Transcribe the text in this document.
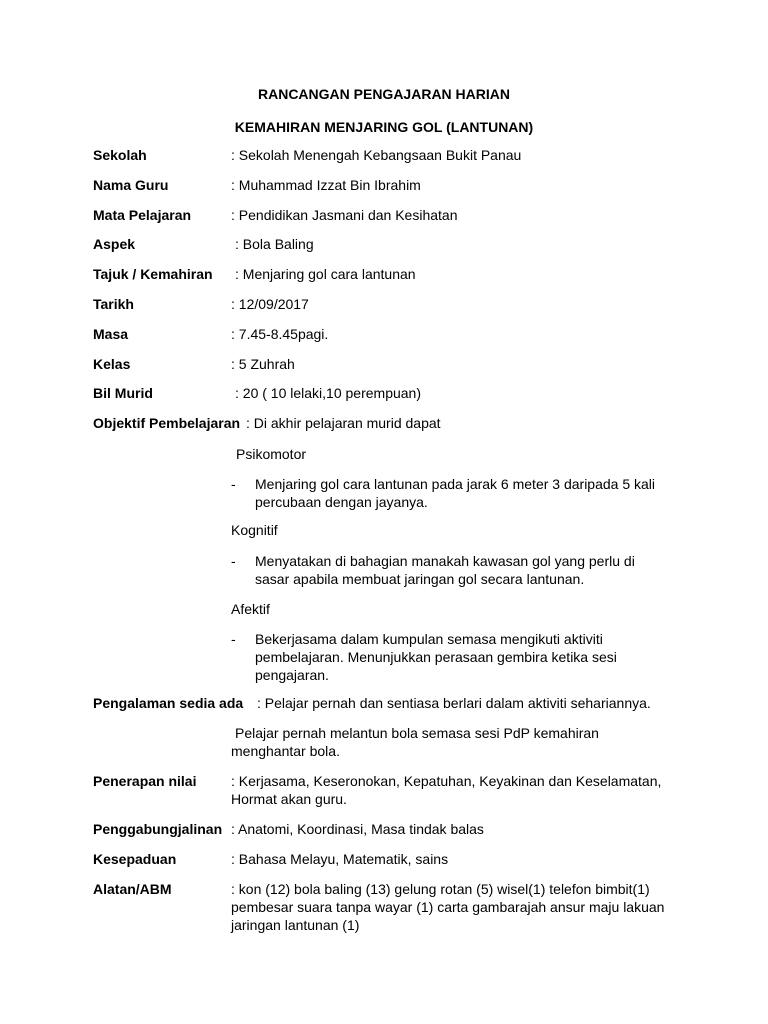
RANCANGAN PENGAJARAN HARIAN
KEMAHIRAN MENJARING GOL (LANTUNAN)
Sekolah	: Sekolah Menengah Kebangsaan Bukit Panau
Nama Guru	: Muhammad Izzat Bin Ibrahim
Mata Pelajaran	: Pendidikan Jasmani dan Kesihatan
Aspek	: Bola Baling
Tajuk / Kemahiran : Menjaring gol cara lantunan
Tarikh	: 12/09/2017
Masa	: 7.45-8.45pagi.
Kelas	: 5 Zuhrah
Bil Murid	: 20 ( 10 lelaki,10 perempuan)
Objektif Pembelajaran : Di akhir pelajaran murid dapat
Psikomotor
- Menjaring gol cara lantunan pada jarak 6 meter 3 daripada 5 kali percubaan dengan jayanya.
Kognitif
- Menyatakan di bahagian manakah kawasan gol yang perlu di sasar apabila membuat jaringan gol secara lantunan.
Afektif
- Bekerjasama dalam kumpulan semasa mengikuti aktiviti pembelajaran. Menunjukkan perasaan gembira ketika sesi pengajaran.
Pengalaman sedia ada : Pelajar pernah dan sentiasa berlari dalam aktiviti sehariannya.
Pelajar pernah melantun bola semasa sesi PdP kemahiran menghantar bola.
Penerapan nilai : Kerjasama, Keseronokan, Kepatuhan, Keyakinan dan Keselamatan, Hormat akan guru.
Penggabungjalinan : Anatomi, Koordinasi, Masa tindak balas
Kesepaduan	: Bahasa Melayu, Matematik, sains
Alatan/ABM	: kon (12) bola baling (13) gelung rotan (5) wisel(1) telefon bimbit(1) pembesar suara tanpa wayar (1) carta gambarajah ansur maju lakuan jaringan lantunan (1)
